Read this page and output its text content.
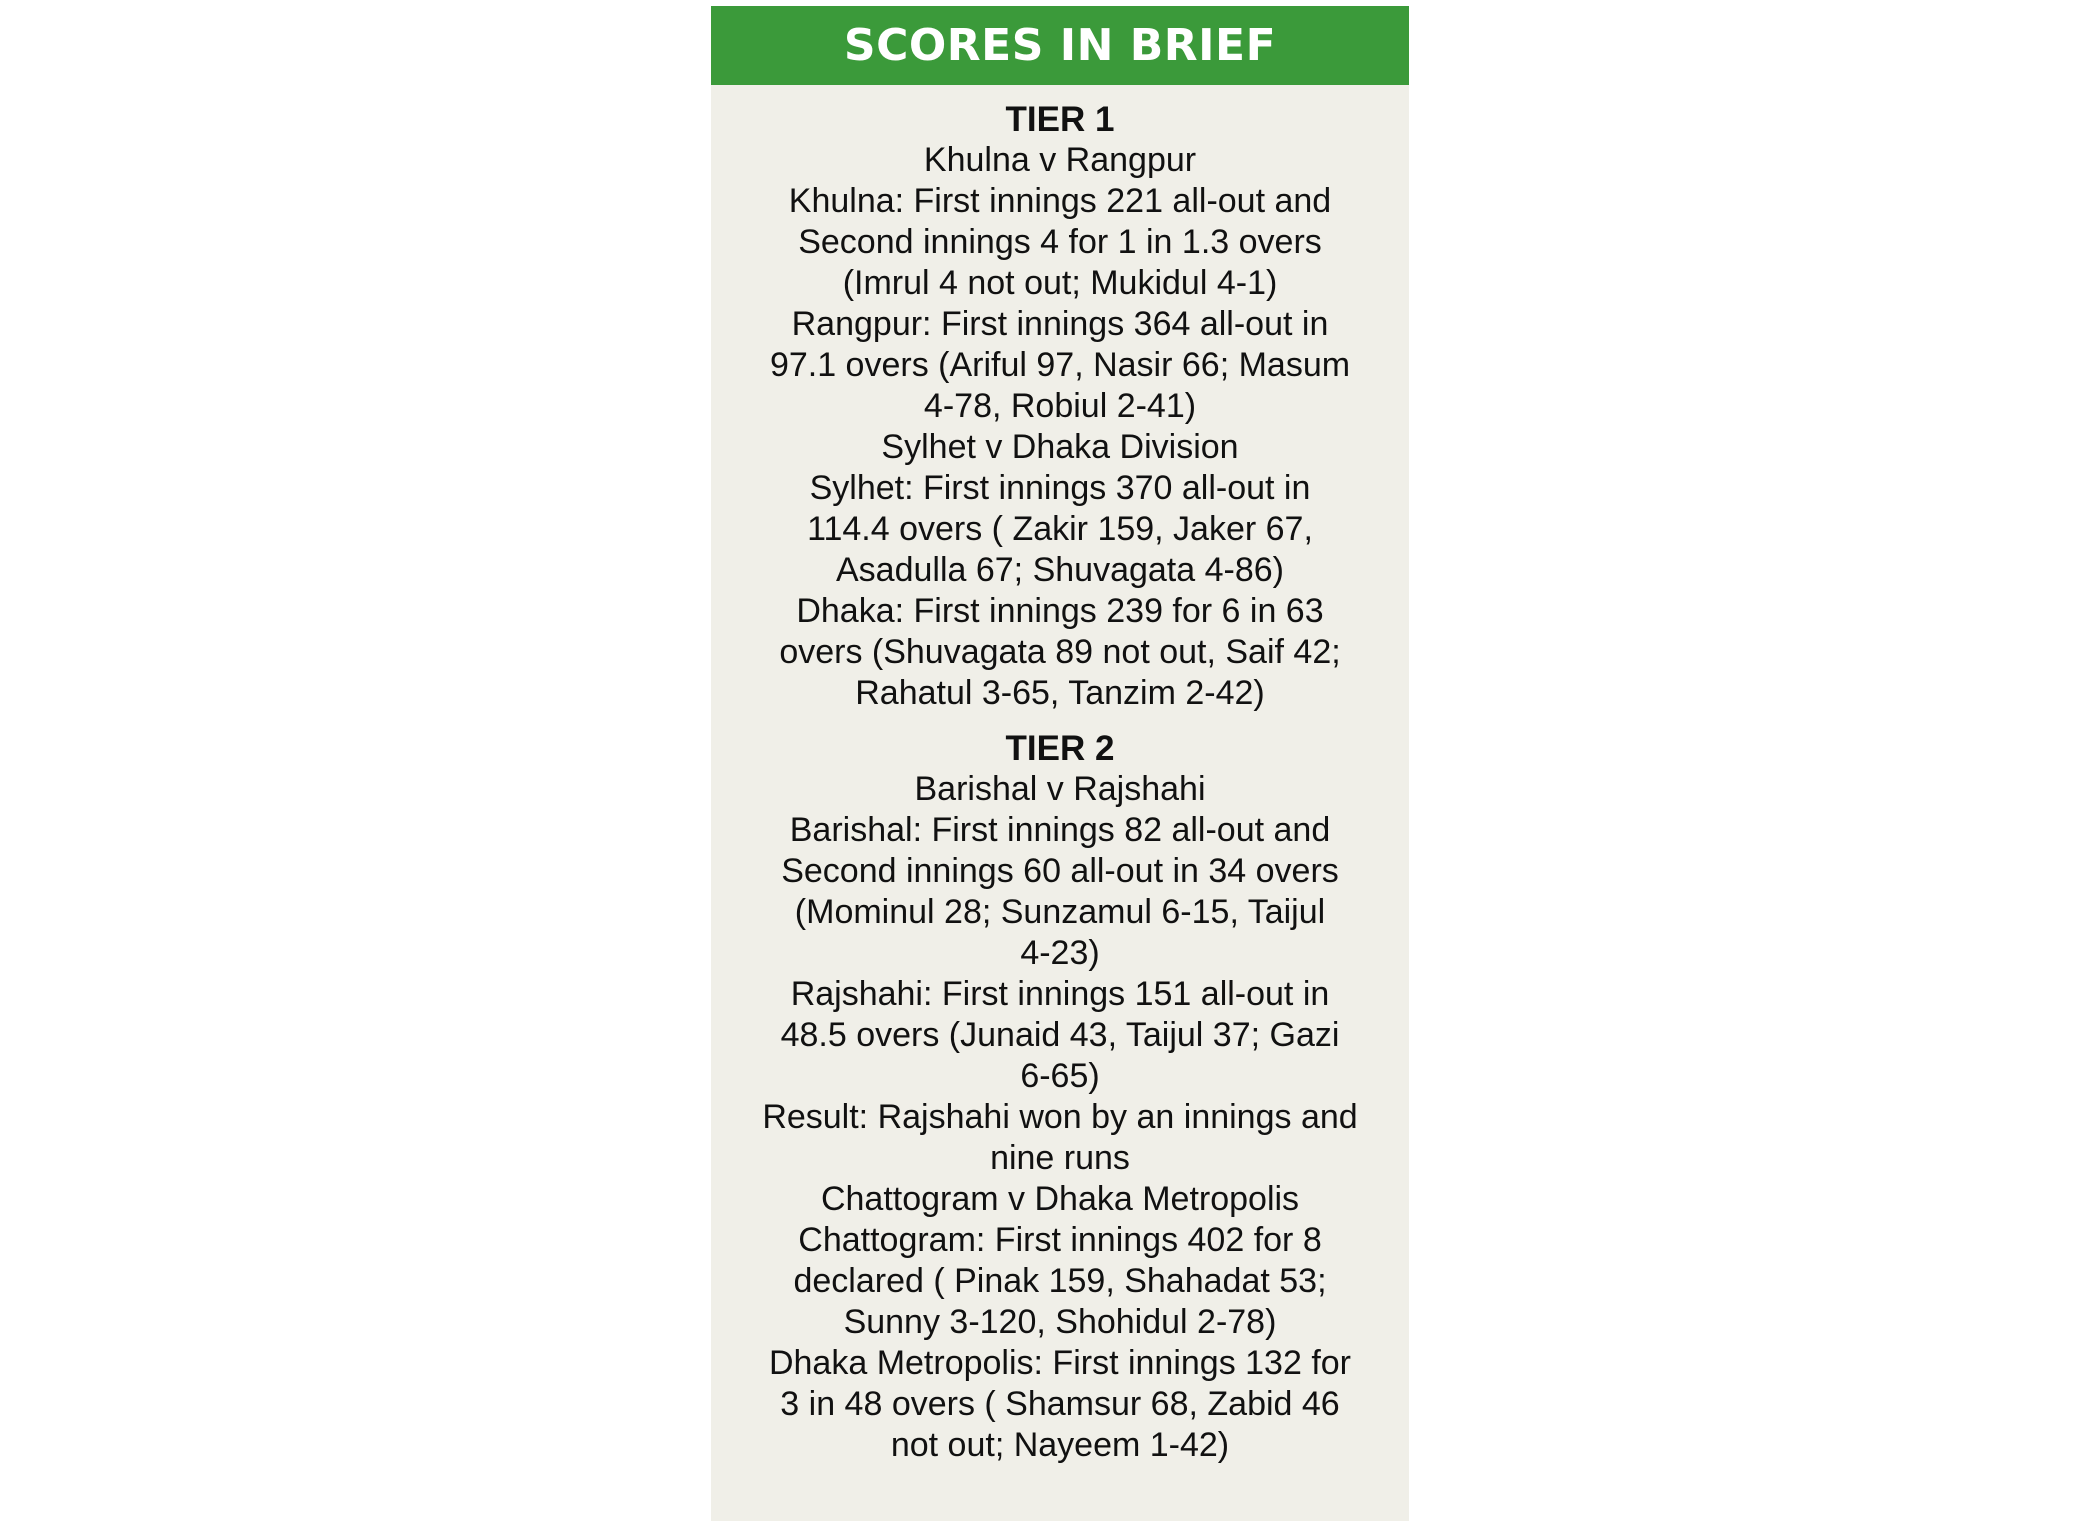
SCORES IN BRIEF
TIER 1
Khulna v Rangpur
Khulna: First innings 221 all-out and
Second innings 4 for 1 in 1.3 overs
(Imrul 4 not out; Mukidul 4-1)
Rangpur: First innings 364 all-out in
97.1 overs (Ariful 97, Nasir 66; Masum
4-78, Robiul 2-41)
Sylhet v Dhaka Division
Sylhet: First innings 370 all-out in
114.4 overs ( Zakir 159, Jaker 67,
Asadulla 67; Shuvagata 4-86)
Dhaka: First innings 239 for 6 in 63
overs (Shuvagata 89 not out, Saif 42;
Rahatul 3-65, Tanzim 2-42)
TIER 2
Barishal v Rajshahi
Barishal: First innings 82 all-out and
Second innings 60 all-out in 34 overs
(Mominul 28; Sunzamul 6-15, Taijul
4-23)
Rajshahi: First innings 151 all-out in
48.5 overs (Junaid 43, Taijul 37; Gazi
6-65)
Result: Rajshahi won by an innings and
nine runs
Chattogram v Dhaka Metropolis
Chattogram: First innings 402 for 8
declared ( Pinak 159, Shahadat 53;
Sunny 3-120, Shohidul 2-78)
Dhaka Metropolis: First innings 132 for
3 in 48 overs ( Shamsur 68, Zabid 46
not out; Nayeem 1-42)
